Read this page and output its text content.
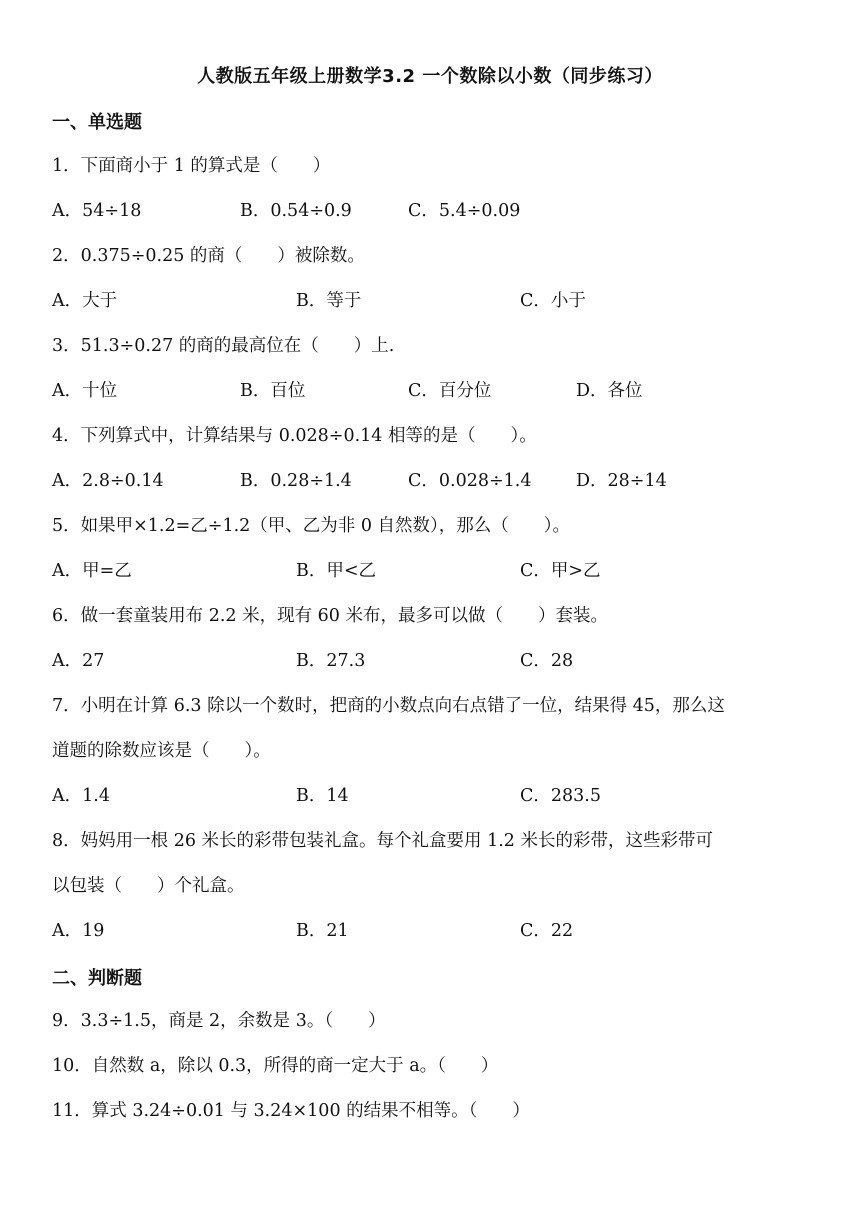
人教版五年级上册数学3.2 一个数除以小数（同步练习）
一、单选题
1．下面商小于 1 的算式是（　　）
A．54÷18	B．0.54÷0.9	C．5.4÷0.09
2．0.375÷0.25 的商（　　）被除数。
A．大于	B．等于	C．小于
3．51.3÷0.27 的商的最高位在（　　）上.
A．十位	B．百位	C．百分位	D．各位
4．下列算式中，计算结果与 0.028÷0.14 相等的是（　　）。
A．2.8÷0.14	B．0.28÷1.4	C．0.028÷1.4	D．28÷14
5．如果甲×1.2=乙÷1.2（甲、乙为非 0 自然数），那么（　　）。
A．甲=乙	B．甲<乙	C．甲>乙
6．做一套童装用布 2.2 米，现有 60 米布，最多可以做（　　）套装。
A．27	B．27.3	C．28
7．小明在计算 6.3 除以一个数时，把商的小数点向右点错了一位，结果得 45，那么这
道题的除数应该是（　　）。
A．1.4	B．14	C．283.5
8．妈妈用一根 26 米长的彩带包装礼盒。每个礼盒要用 1.2 米长的彩带，这些彩带可
以包装（　　）个礼盒。
A．19	B．21	C．22
二、判断题
9．3.3÷1.5，商是 2，余数是 3。（　　）
10．自然数 a，除以 0.3，所得的商一定大于 a。（　　）
11．算式 3.24÷0.01 与 3.24×100 的结果不相等。（　　）
